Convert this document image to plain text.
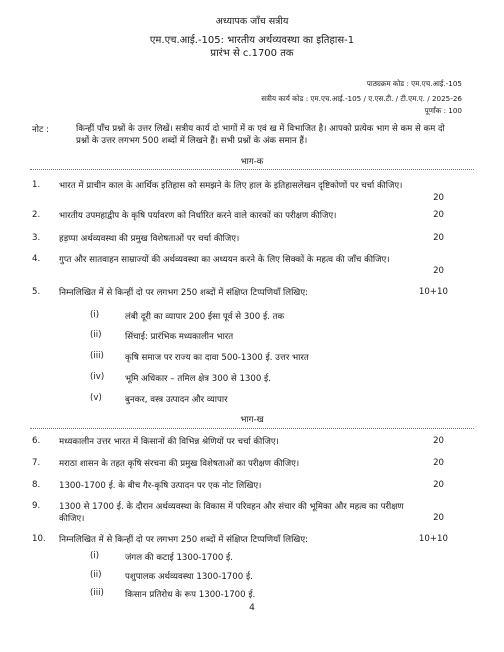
अध्यापक जाँच सत्रीय
एम.एच.आई.-105: भारतीय अर्थव्यवस्था का इतिहास-1
प्रारंभ से c.1700 तक
पाठ्यक्रम कोड : एम.एच.आई.-105
सत्रीय कार्य कोड : एम.एच.आई.-105 / ए.एस.टी. / टी.एम.ए. / 2025-26
पूर्णांक : 100
नोट :	किन्हीं पाँच प्रश्नों के उत्तर लिखें। सत्रीय कार्य दो भागों में क एवं ख में विभाजित है। आपको प्रत्येक भाग से कम से कम दो प्रश्नों के उत्तर लगभग 500 शब्दों में लिखने हैं। सभी प्रश्नों के अंक समान हैं।
भाग-क
1. भारत में प्राचीन काल के आर्थिक इतिहास को समझने के लिए हाल के इतिहासलेखन दृष्टिकोणों पर चर्चा कीजिए।
20
2. भारतीय उपमहाद्वीप के कृषि पर्यावरण को निर्धारित करने वाले कारकों का परीक्षण कीजिए।	20
3. हड़प्पा अर्थव्यवस्था की प्रमुख विशेषताओं पर चर्चा कीजिए।	20
4. गुप्त और सातवाहन साम्राज्यों की अर्थव्यवस्था का अध्ययन करने के लिए सिक्कों के महत्व की जाँच कीजिए।
20
5. निम्नलिखित में से किन्हीं दो पर लगभग 250 शब्दों में संक्षिप्त टिप्पणियाँ लिखिए:	10+10
(i)	लंबी दूरी का व्यापार 200 ईसा पूर्व से 300 ई. तक
(ii)	सिंचाई: प्रारंभिक मध्यकालीन भारत
(iii) कृषि समाज पर राज्य का दावा 500-1300 ई. उत्तर भारत
(iv) भूमि अधिकार – तमिल क्षेत्र 300 से 1300 ई.
(v)	बुनकर, वस्त्र उत्पादन और व्यापार
भाग-ख
6. मध्यकालीन उत्तर भारत में किसानों की विभिन्न श्रेणियों पर चर्चा कीजिए।	20
7. मराठा शासन के तहत कृषि संरचना की प्रमुख विशेषताओं का परीक्षण कीजिए।	20
8. 1300-1700 ई. के बीच गैर-कृषि उत्पादन पर एक नोट लिखिए।	20
9. 1300 से 1700 ई. के दौरान अर्थव्यवस्था के विकास में परिवहन और संचार की भूमिका और महत्व का परीक्षण कीजिए।	20
10. निम्नलिखित में से किन्हीं दो पर लगभग 250 शब्दों में संक्षिप्त टिप्पणियाँ लिखिए:	10+10
(i)	जंगल की कटाई 1300-1700 ई.
(ii)	पशुपालक अर्थव्यवस्था 1300-1700 ई.
(iii) किसान प्रतिरोध के रूप 1300-1700 ई.
4
